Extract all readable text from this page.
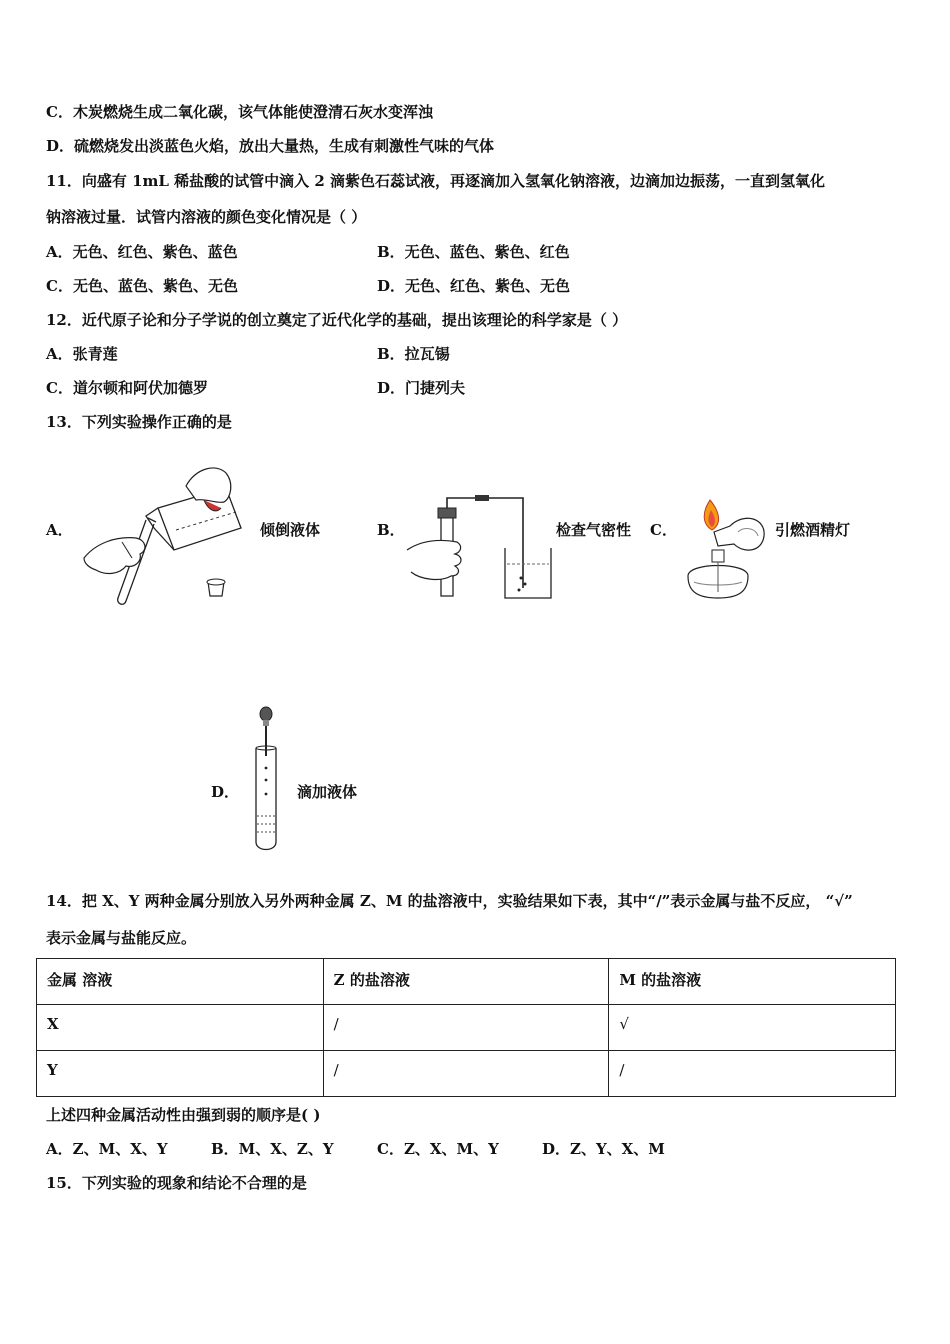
C．木炭燃烧生成二氧化碳，该气体能使澄清石灰水变浑浊
D．硫燃烧发出淡蓝色火焰，放出大量热，生成有刺激性气味的气体
11．向盛有 1mL 稀盐酸的试管中滴入 2 滴紫色石蕊试液，再逐滴加入氢氧化钠溶液，边滴加边振荡，一直到氢氧化
钠溶液过量．试管内溶液的颜色变化情况是（ ）
A．无色、红色、紫色、蓝色	B．无色、蓝色、紫色、红色
C．无色、蓝色、紫色、无色	D．无色、红色、紫色、无色
12．近代原子论和分子学说的创立奠定了近代化学的基础，提出该理论的科学家是（ ）
A．张青莲	B．拉瓦锡
C．道尔顿和阿伏加德罗	D．门捷列夫
13．下列实验操作正确的是
A．	倾倒液体	B．	检查气密性 C．	引燃酒精灯
D．	滴加液体
14．把 X、Y 两种金属分别放入另外两种金属 Z、M 的盐溶液中，实验结果如下表，其中“/”表示金属与盐不反应， “√”
表示金属与盐能反应。
金属 溶液	Z 的盐溶液	M 的盐溶液
X	∕	√
Y	∕	∕
上述四种金属活动性由强到弱的顺序是( )
A．Z、M、X、Y	B．M、X、Z、Y	C．Z、X、M、Y	D．Z、Y、X、M
15．下列实验的现象和结论不合理的是
